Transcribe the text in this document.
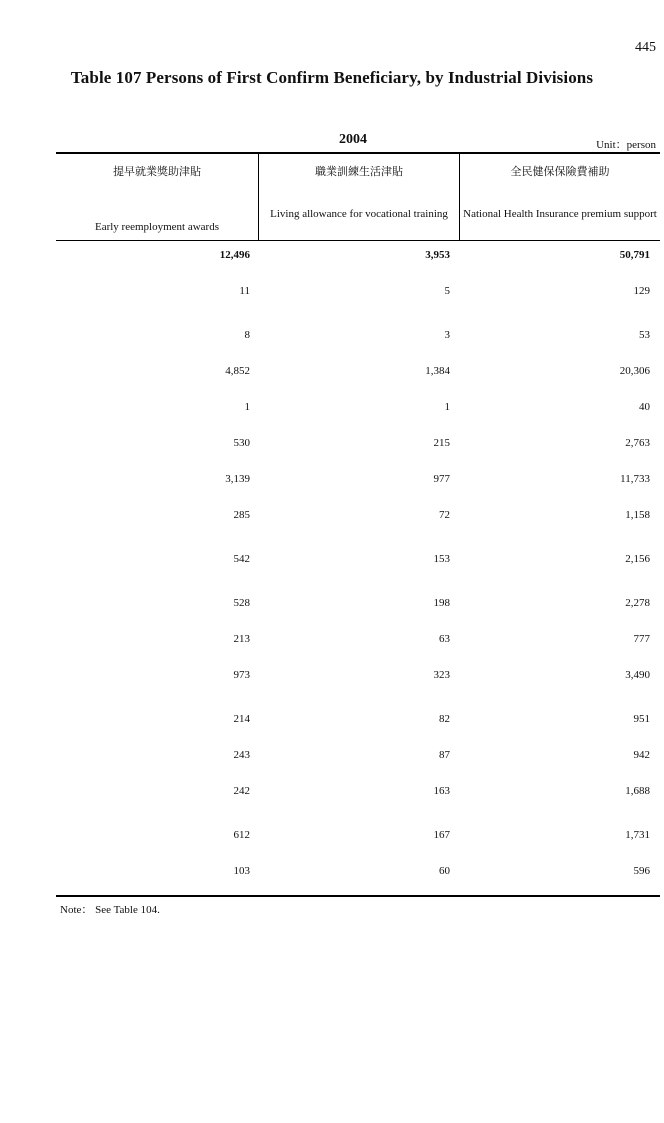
445
Table 107 Persons of First Confirm Beneficiary, by Industrial Divisions
2004	Unit：person
提早就業獎助津貼
Early reemployment awards
職業訓練生活津貼
Living allowance for vocational training
全民健保保險費補助
National Health Insurance premium support
12,496	3,953	50,791
11	5	129
8	3	53
4,852	1,384	20,306
1	1	40
530	215	2,763
3,139	977	11,733
285	72	1,158
542	153	2,156
528	198	2,278
213	63	777
973	323	3,490
214	82	951
243	87	942
242	163	1,688
612	167	1,731
103	60	596
Note： See Table 104.
